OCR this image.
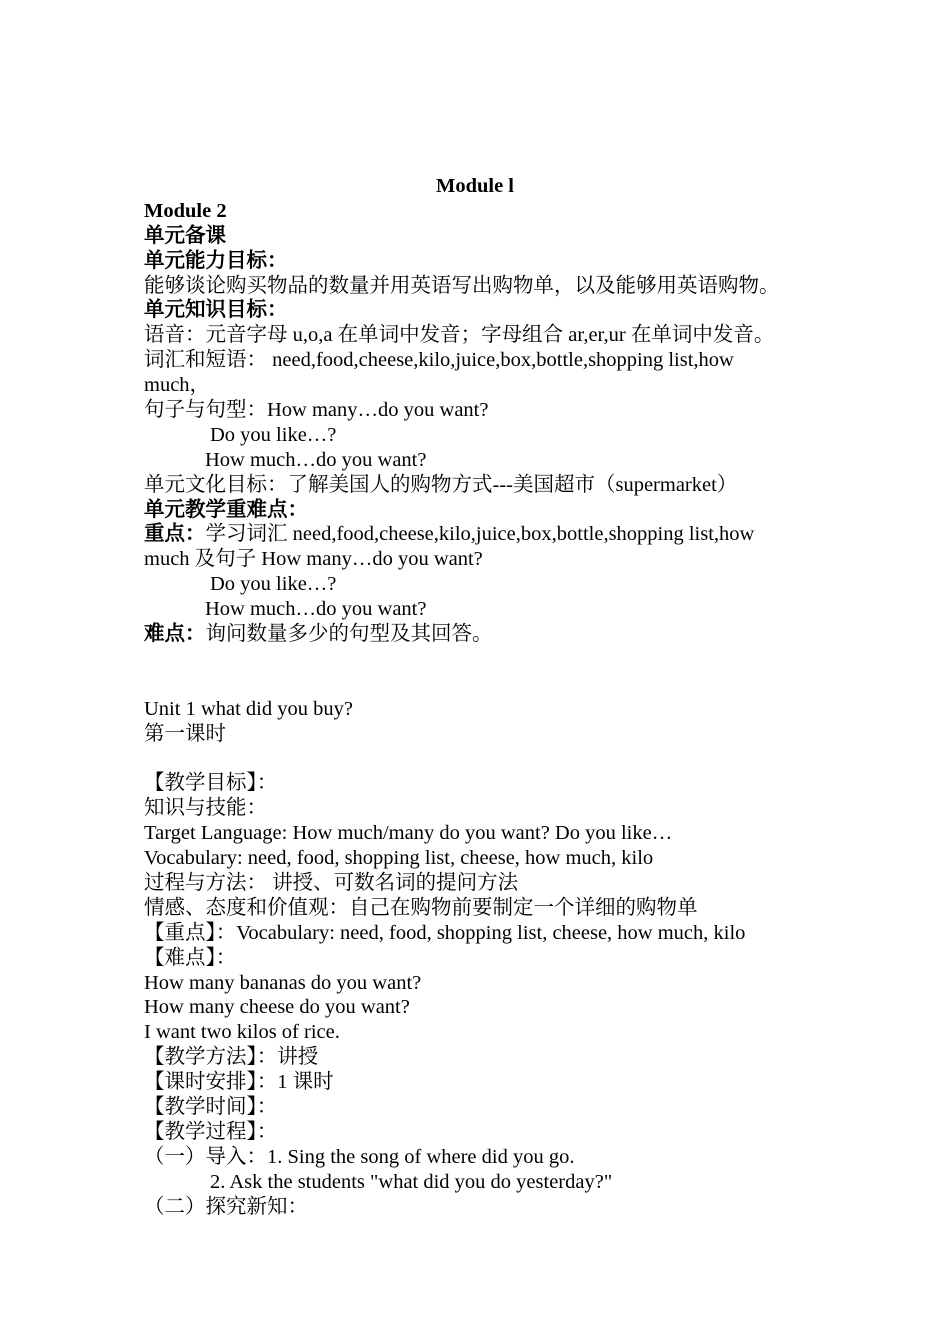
Module l
Module 2
单元备课
单元能力目标：
能够谈论购买物品的数量并用英语写出购物单，以及能够用英语购物。
单元知识目标：
语音：元音字母 u,o,a 在单词中发音；字母组合 ar,er,ur 在单词中发音。
词汇和短语： need,food,cheese,kilo,juice,box,bottle,shopping list,how
much，
句子与句型：How many…do you want?
Do you like…?
How much…do you want?
单元文化目标：了解美国人的购物方式---美国超市（supermarket）
单元教学重难点：
重点：学习词汇 need,food,cheese,kilo,juice,box,bottle,shopping list,how
much 及句子 How many…do you want?
Do you like…?
How much…do you want?
难点：询问数量多少的句型及其回答。
Unit 1 what did you buy?
第一课时
【教学目标】：
知识与技能：
Target Language: How much/many do you want? Do you like…
Vocabulary: need, food, shopping list, cheese, how much, kilo
过程与方法： 讲授、可数名词的提问方法
情感、态度和价值观：自己在购物前要制定一个详细的购物单
【重点】：Vocabulary: need, food, shopping list, cheese, how much, kilo
【难点】：
How many bananas do you want?
How many cheese do you want?
I want two kilos of rice.
【教学方法】：讲授
【课时安排】：1 课时
【教学时间】：
【教学过程】：
（一）导入：1. Sing the song of where did you go.
2. Ask the students "what did you do yesterday?"
（二）探究新知：
